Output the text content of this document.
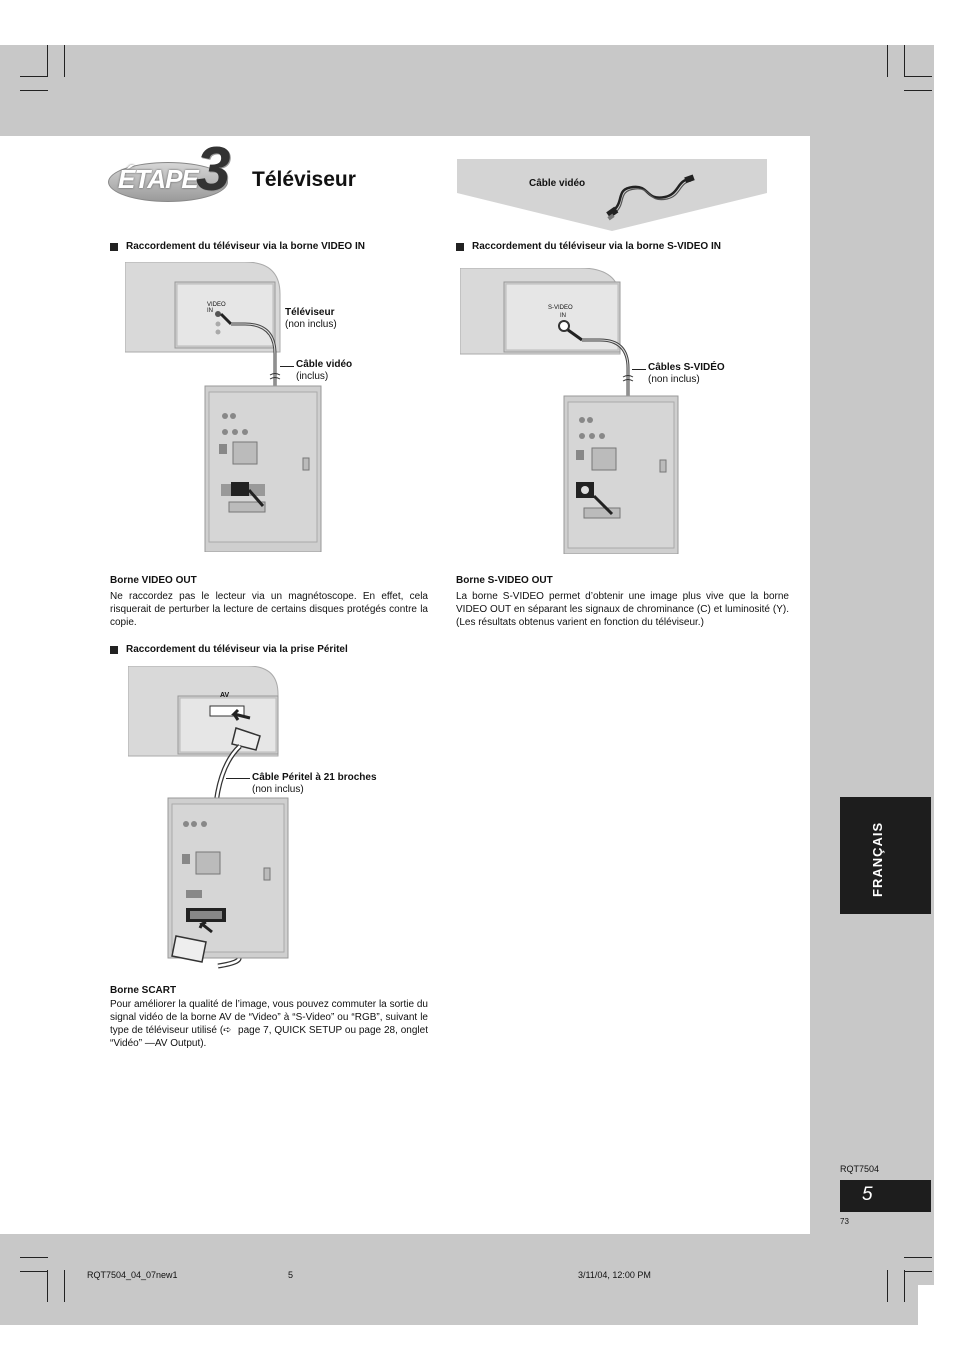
ÉTAPE
3 Téléviseur	Câble vidéo
Raccordement du téléviseur via la borne VIDEO IN	Raccordement du téléviseur via la borne S-VIDEO IN
Raccordement du téléviseur via la prise Péritel
VIDEO
IN	Téléviseur
(non inclus)
Câble vidéo
(inclus)
S-VIDEO
IN
Câbles S-VIDÉO
(non inclus)
AV
Câble Péritel à 21 broches
(non inclus)
Borne VIDEO OUT
Ne raccordez pas le lecteur via un magnétoscope. En effet, cela risquerait de perturber la lecture de certains disques protégés contre la copie.
Borne S-VIDEO OUT
La borne S-VIDEO permet d’obtenir une image plus vive que la borne VIDEO OUT en séparant les signaux de chrominance (C) et luminosité (Y). (Les résultats obtenus varient en fonction du téléviseur.)
Borne SCART
Pour améliorer la qualité de l’image, vous pouvez commuter la sortie du signal vidéo de la borne AV de “Video” à “S-Video” ou “RGB”, suivant le type de téléviseur utilisé (➪ page 7, QUICK SETUP ou page 28, onglet “Vidéo” —AV Output).
FRANÇAIS
RQT7504
5
73
RQT7504_04_07new1	5	3/11/04, 12:00 PM
